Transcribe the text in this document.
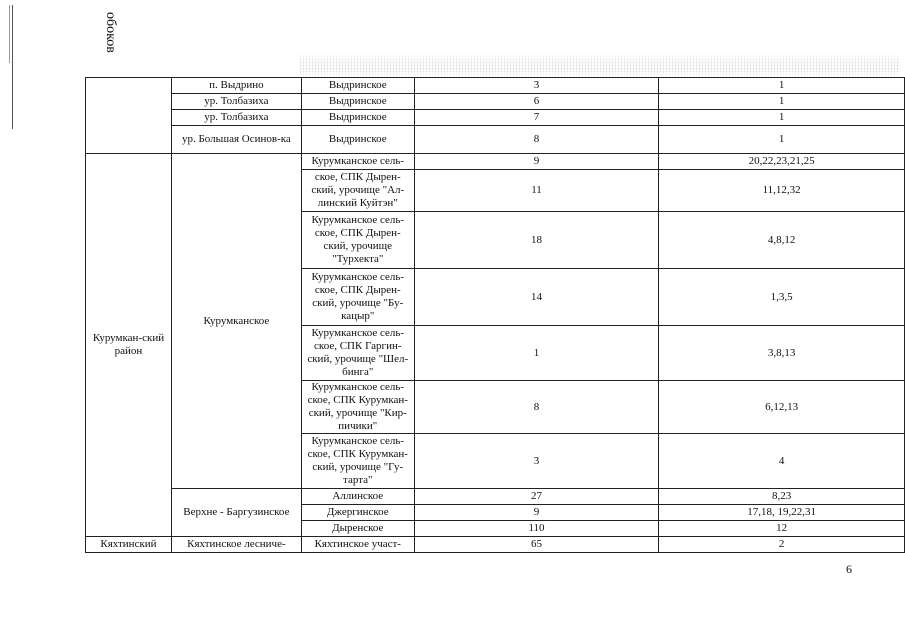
обоков
	п. Выдрино	Выдринское	3	1
	ур. Толбазиха	Выдринское	6	1
	ур. Толбазиха	Выдринское	7	1
	ур. Большая Осинов-ка	Выдринское	8	1
Курумкан-ский район	Курумканское	Курумканское сель-	9	20,22,23,21,25
		ское, СПК Дырен-ский, урочище "Ал-линский Куйтэн"	11	11,12,32
		Курумканское сель-ское, СПК Дырен-ский, урочище "Турхекта"	18	4,8,12
		Курумканское сель-ское, СПК Дырен-ский, урочище "Бу-кацыр"	14	1,3,5
		Курумканское сель-ское, СПК Гаргин-ский, урочище "Шел-бинга"	1	3,8,13
		Курумканское сель-ское, СПК Курумкан-ский, урочище "Кир-пичики"	8	6,12,13
		Курумканское сель-ское, СПК Курумкан-ский, урочище "Гу-тарта"	3	4
	Верхне - Баргузинское	Аллинское	27	8,23
		Джергинское	9	17,18, 19,22,31
		Дыренское	110	12
Кяхтинский	Кяхтинское лесниче-	Кяхтинское участ-	65	2
6
